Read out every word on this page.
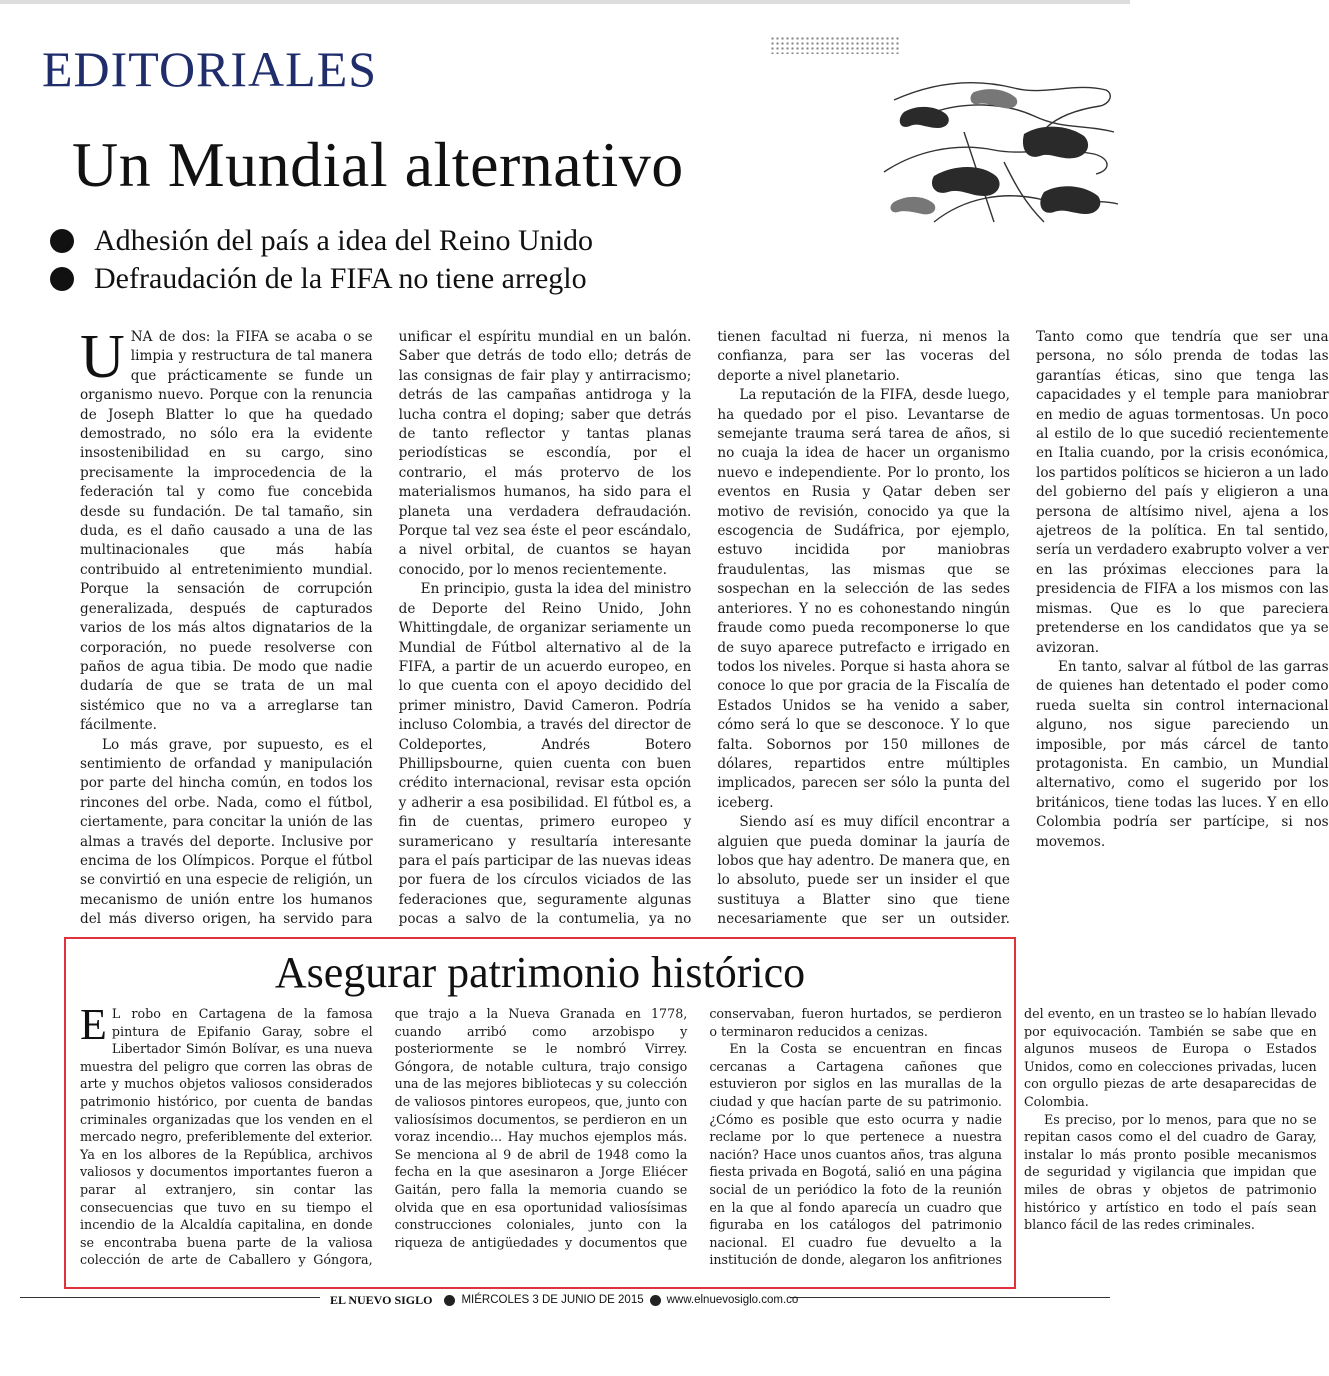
EDITORIALES
Un Mundial alternativo
Adhesión del país a idea del Reino Unido
Defraudación de la FIFA no tiene arreglo

UNA de dos: la FIFA se acaba o se limpia y restructura de tal manera que prácticamente se funde un organismo nuevo. Porque con la renuncia de Joseph Blatter lo que ha quedado demostrado, no sólo era la evidente insostenibilidad en su cargo, sino precisamente la improcedencia de la federación tal y como fue concebida desde su fundación. De tal tamaño, sin duda, es el daño causado a una de las multinacionales que más había contribuido al entretenimiento mundial. Porque la sensación de corrupción generalizada, después de capturados varios de los más altos dignatarios de la corporación, no puede resolverse con paños de agua tibia. De modo que nadie dudaría de que se trata de un mal sistémico que no va a arreglarse tan fácilmente.

Lo más grave, por supuesto, es el sentimiento de orfandad y manipulación por parte del hincha común, en todos los rincones del orbe. Nada, como el fútbol, ciertamente, para concitar la unión de las almas a través del deporte. Inclusive por encima de los Olímpicos. Porque el fútbol se convirtió en una especie de religión, un mecanismo de unión entre los humanos del más diverso origen, ha servido para unificar el espíritu mundial en un balón. Saber que detrás de todo ello; detrás de las consignas de fair play y antirracismo; detrás de las campañas antidroga y la lucha contra el doping; saber que detrás de tanto reflector y tantas planas periodísticas se escondía, por el contrario, el más protervo de los materialismos humanos, ha sido para el planeta una verdadera defraudación. Porque tal vez sea éste el peor escándalo, a nivel orbital, de cuantos se hayan conocido, por lo menos recientemente.

En principio, gusta la idea del ministro de Deporte del Reino Unido, John Whittingdale, de organizar seriamente un Mundial de Fútbol alternativo al de la FIFA, a partir de un acuerdo europeo, en lo que cuenta con el apoyo decidido del primer ministro, David Cameron. Podría incluso Colombia, a través del director de Coldeportes, Andrés Botero Phillipsbourne, quien cuenta con buen crédito internacional, revisar esta opción y adherir a esa posibilidad. El fútbol es, a fin de cuentas, primero europeo y suramericano y resultaría interesante para el país participar de las nuevas ideas por fuera de los círculos viciados de las federaciones que, seguramente algunas pocas a salvo de la contumelia, ya no tienen facultad ni fuerza, ni menos la confianza, para ser las voceras del deporte a nivel planetario.

La reputación de la FIFA, desde luego, ha quedado por el piso. Levantarse de semejante trauma será tarea de años, si no cuaja la idea de hacer un organismo nuevo e independiente. Por lo pronto, los eventos en Rusia y Qatar deben ser motivo de revisión, conocido ya que la escogencia de Sudáfrica, por ejemplo, estuvo incidida por maniobras fraudulentas, las mismas que se sospechan en la selección de las sedes anteriores. Y no es cohonestando ningún fraude como pueda recomponerse lo que de suyo aparece putrefacto e irrigado en todos los niveles. Porque si hasta ahora se conoce lo que por gracia de la Fiscalía de Estados Unidos se ha venido a saber, cómo será lo que se desconoce. Y lo que falta. Sobornos por 150 millones de dólares, repartidos entre múltiples implicados, parecen ser sólo la punta del iceberg.

Siendo así es muy difícil encontrar a alguien que pueda dominar la jauría de lobos que hay adentro. De manera que, en lo absoluto, puede ser un insider el que sustituya a Blatter sino que tiene necesariamente que ser un outsider. Tanto como que tendría que ser una persona, no sólo prenda de todas las garantías éticas, sino que tenga las capacidades y el temple para maniobrar en medio de aguas tormentosas. Un poco al estilo de lo que sucedió recientemente en Italia cuando, por la crisis económica, los partidos políticos se hicieron a un lado del gobierno del país y eligieron a una persona de altísimo nivel, ajena a los ajetreos de la política. En tal sentido, sería un verdadero exabrupto volver a ver en las próximas elecciones para la presidencia de FIFA a los mismos con las mismas. Que es lo que pareciera pretenderse en los candidatos que ya se avizoran.

En tanto, salvar al fútbol de las garras de quienes han detentado el poder como rueda suelta sin control internacional alguno, nos sigue pareciendo un imposible, por más cárcel de tanto protagonista. En cambio, un Mundial alternativo, como el sugerido por los británicos, tiene todas las luces. Y en ello Colombia podría ser partícipe, si nos movemos.

Asegurar patrimonio histórico

E L robo en Cartagena de la famosa pintura de Epifanio Garay, sobre el Libertador Simón Bolívar, es una nueva muestra del peligro que corren las obras de arte y muchos objetos valiosos considerados patrimonio histórico, por cuenta de bandas criminales organizadas que los venden en el mercado negro, preferiblemente del exterior. Ya en los albores de la República, archivos valiosos y documentos importantes fueron a parar al extranjero, sin contar las consecuencias que tuvo en su tiempo el incendio de la Alcaldía capitalina, en donde se encontraba buena parte de la valiosa colección de arte de Caballero y Góngora, que trajo a la Nueva Granada en 1778, cuando arribó como arzobispo y posteriormente se le nombró Virrey. Góngora, de notable cultura, trajo consigo una de las mejores bibliotecas y su colección de valiosos pintores europeos, que, junto con valiosísimos documentos, se perdieron en un voraz incendio... Hay muchos ejemplos más. Se menciona al 9 de abril de 1948 como la fecha en la que asesinaron a Jorge Eliécer Gaitán, pero falla la memoria cuando se olvida que en esa oportunidad valiosísimas construcciones coloniales, junto con la riqueza de antigüedades y documentos que conservaban, fueron hurtados, se perdieron o terminaron reducidos a cenizas.

En la Costa se encuentran en fincas cercanas a Cartagena cañones que estuvieron por siglos en las murallas de la ciudad y que hacían parte de su patrimonio. ¿Cómo es posible que esto ocurra y nadie reclame por lo que pertenece a nuestra nación? Hace unos cuantos años, tras alguna fiesta privada en Bogotá, salió en una página social de un periódico la foto de la reunión en la que al fondo aparecía un cuadro que figuraba en los catálogos del patrimonio nacional. El cuadro fue devuelto a la institución de donde, alegaron los anfitriones del evento, en un trasteo se lo habían llevado por equivocación. También se sabe que en algunos museos de Europa o Estados Unidos, como en colecciones privadas, lucen con orgullo piezas de arte desaparecidas de Colombia.

Es preciso, por lo menos, para que no se repitan casos como el del cuadro de Garay, instalar lo más pronto posible mecanismos de seguridad y vigilancia que impidan que miles de obras y objetos de patrimonio histórico y artístico en todo el país sean blanco fácil de las redes criminales.

EL NUEVO SIGLO	MIÉRCOLES 3 DE JUNIO DE 2015 www.elnuevosiglo.com.co
